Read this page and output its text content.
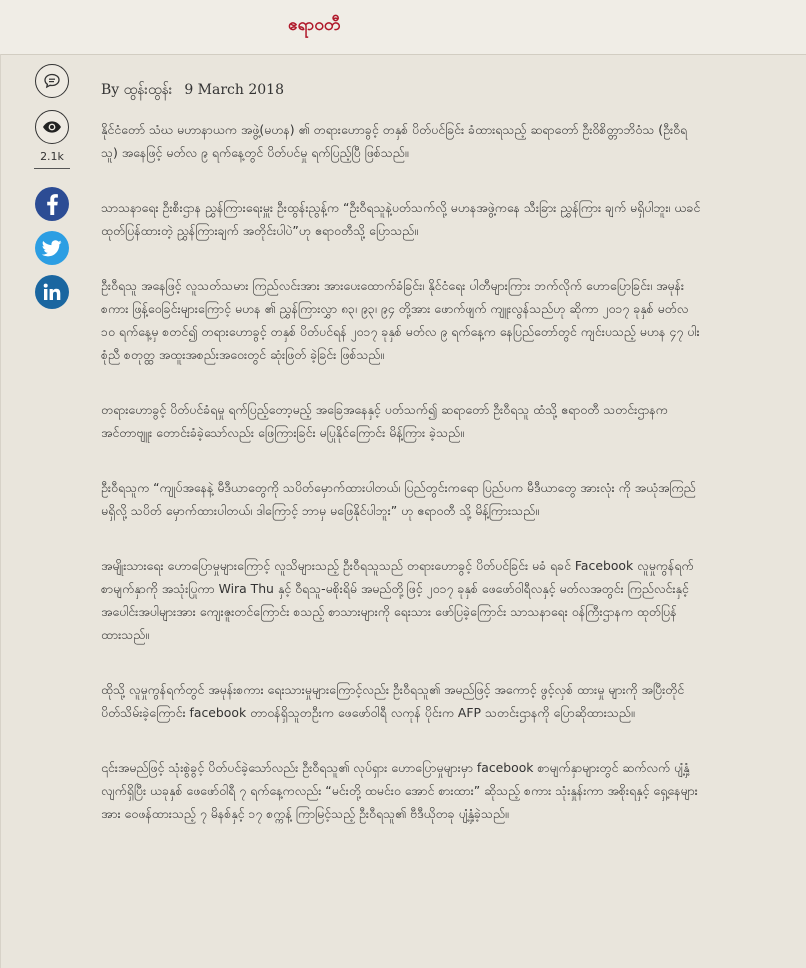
ဧရာဝတီ
2.1k
By ထွန်းထွန်း 9 March 2018

နိုင်ငံတော် သံဃ မဟာနာယက အဖွဲ့(မဟန) ၏ တရားဟောခွင့် တနှစ် ပိတ်ပင်ခြင်း ခံထားရသည့် ဆရာတော် ဦးဝိစိတ္တာဘိဝံသ (ဦးဝီရသူ) အနေဖြင့် မတ်လ ၉ ရက်နေ့တွင် ပိတ်ပင်မှု ရက်ပြည့်ပြီ ဖြစ်သည်။

သာသနာရေး ဦးစီးဌာန ညွှန်ကြားရေးမှူး ဦးထွန်းညွန့်က “ဦးဝီရသူနဲ့ပတ်သက်လို့ မဟနအဖွဲ့ကနေ သီးခြား ညွှန်ကြား ချက် မရှိပါဘူး၊ ယခင် ထုတ်ပြန်ထားတဲ့ ညွှန်ကြားချက် အတိုင်းပါပဲ”ဟု ဧရာဝတီသို့ ပြောသည်။

ဦးဝီရသူ အနေဖြင့် လူသတ်သမား ကြည်လင်းအား အားပေးထောက်ခံခြင်း၊ နိုင်ငံရေး ပါတီများကြား ဘက်လိုက် ဟောပြောခြင်း၊ အမုန်းစကား ဖြန့်ဝေခြင်းများကြောင့် မဟန ၏ ညွှန်ကြားလွှာ ၈၃၊ ၉၃၊ ၉၄ တို့အား ဖောက်ဖျက် ကျူးလွန်သည်ဟု ဆိုကာ ၂၀၁၇ ခုနှစ် မတ်လ ၁၀ ရက်နေ့မှ စတင်၍ တရားဟောခွင့် တနှစ် ပိတ်ပင်ရန် ၂၀၁၇ ခုနှစ် မတ်လ ၉ ရက်နေ့က နေပြည်တော်တွင် ကျင်းပသည့် မဟန ၄၇ ပါးစုံညီ စတုတ္ထ အထူးအစည်းအဝေးတွင် ဆုံးဖြတ် ခဲ့ခြင်း ဖြစ်သည်။

တရားဟောခွင့် ပိတ်ပင်ခံရမှု ရက်ပြည့်တော့မည့် အခြေအနေနှင့် ပတ်သက်၍ ဆရာတော် ဦးဝီရသူ ထံသို့ ဧရာဝတီ သတင်းဌာနက အင်တာဗျူး တောင်းခံခဲ့သော်လည်း ဖြေကြားခြင်း မပြုနိုင်ကြောင်း မိန့်ကြား ခဲ့သည်။

ဦးဝီရသူက “ကျုပ်အနေနဲ့ မီဒီယာတွေကို သပိတ်မှောက်ထားပါတယ်၊ ပြည်တွင်းကရော ပြည်ပက မီဒီယာတွေ အားလုံး ကို အယုံအကြည်မရှိလို့ သပိတ် မှောက်ထားပါတယ်၊ ဒါကြောင့် ဘာမှ မဖြေနိုင်ပါဘူး” ဟု ဧရာဝတီ သို့ မိန့်ကြားသည်။

အမျိုးသားရေး ဟောပြောမှုများကြောင့် လူသိများသည့် ဦးဝီရသူသည် တရားဟောခွင့် ပိတ်ပင်ခြင်း မခံ ရခင် Facebook လူမှုကွန်ရက် စာမျက်နှာကို အသုံးပြုကာ Wira Thu နှင့် ဝီရသူ-မစိုးရိမ် အမည်တို့ဖြင့် ၂၀၁၇ ခုနှစ် ဖေဖော်ဝါရီလနှင့် မတ်လအတွင်း ကြည်လင်းနှင့် အပေါင်းအပါများအား ကျေးဇူးတင်ကြောင်း စသည့် စာသားများကို ရေးသား ဖော်ပြခဲ့ကြောင်း သာသနာရေး ဝန်ကြီးဌာနက ထုတ်ပြန်ထားသည်။

ထိုသို့ လူမှုကွန်ရက်တွင် အမုန်းစကား ရေးသားမှုများကြောင့်လည်း ဦးဝီရသူ၏ အမည်ဖြင့် အကောင့် ဖွင့်လှစ် ထားမှု များကို အပြီးတိုင် ပိတ်သိမ်းခဲ့ကြောင်း facebook တာဝန်ရှိသူတဦးက ဖေဖော်ဝါရီ လကုန် ပိုင်းက AFP သတင်းဌာနကို ပြောဆိုထားသည်။

၎င်းအမည်ဖြင့် သုံးစွဲခွင့် ပိတ်ပင်ခဲ့သော်လည်း ဦးဝီရသူ၏ လုပ်ရှား ဟောပြောမှုများမှာ facebook စာမျက်နှာများတွင် ဆက်လက် ပျံ့နှံ့လျက်ရှိပြီး ယခုနှစ် ဖေဖော်ဝါရီ ၇ ရက်နေ့ကလည်း “မင်းတို့ ထမင်းဝ အောင် စားထား” ဆိုသည့် စကား သုံးနှုန်းကာ အစိုးရနှင့် ရှေ့နေများအား ဝေဖန်ထားသည့် ၇ မိနစ်နှင့် ၁၇ စက္ကန့် ကြာမြင့်သည့် ဦးဝီရသူ၏ ဗီဒီယိုတခု ပျံ့နှံ့ခဲ့သည်။
